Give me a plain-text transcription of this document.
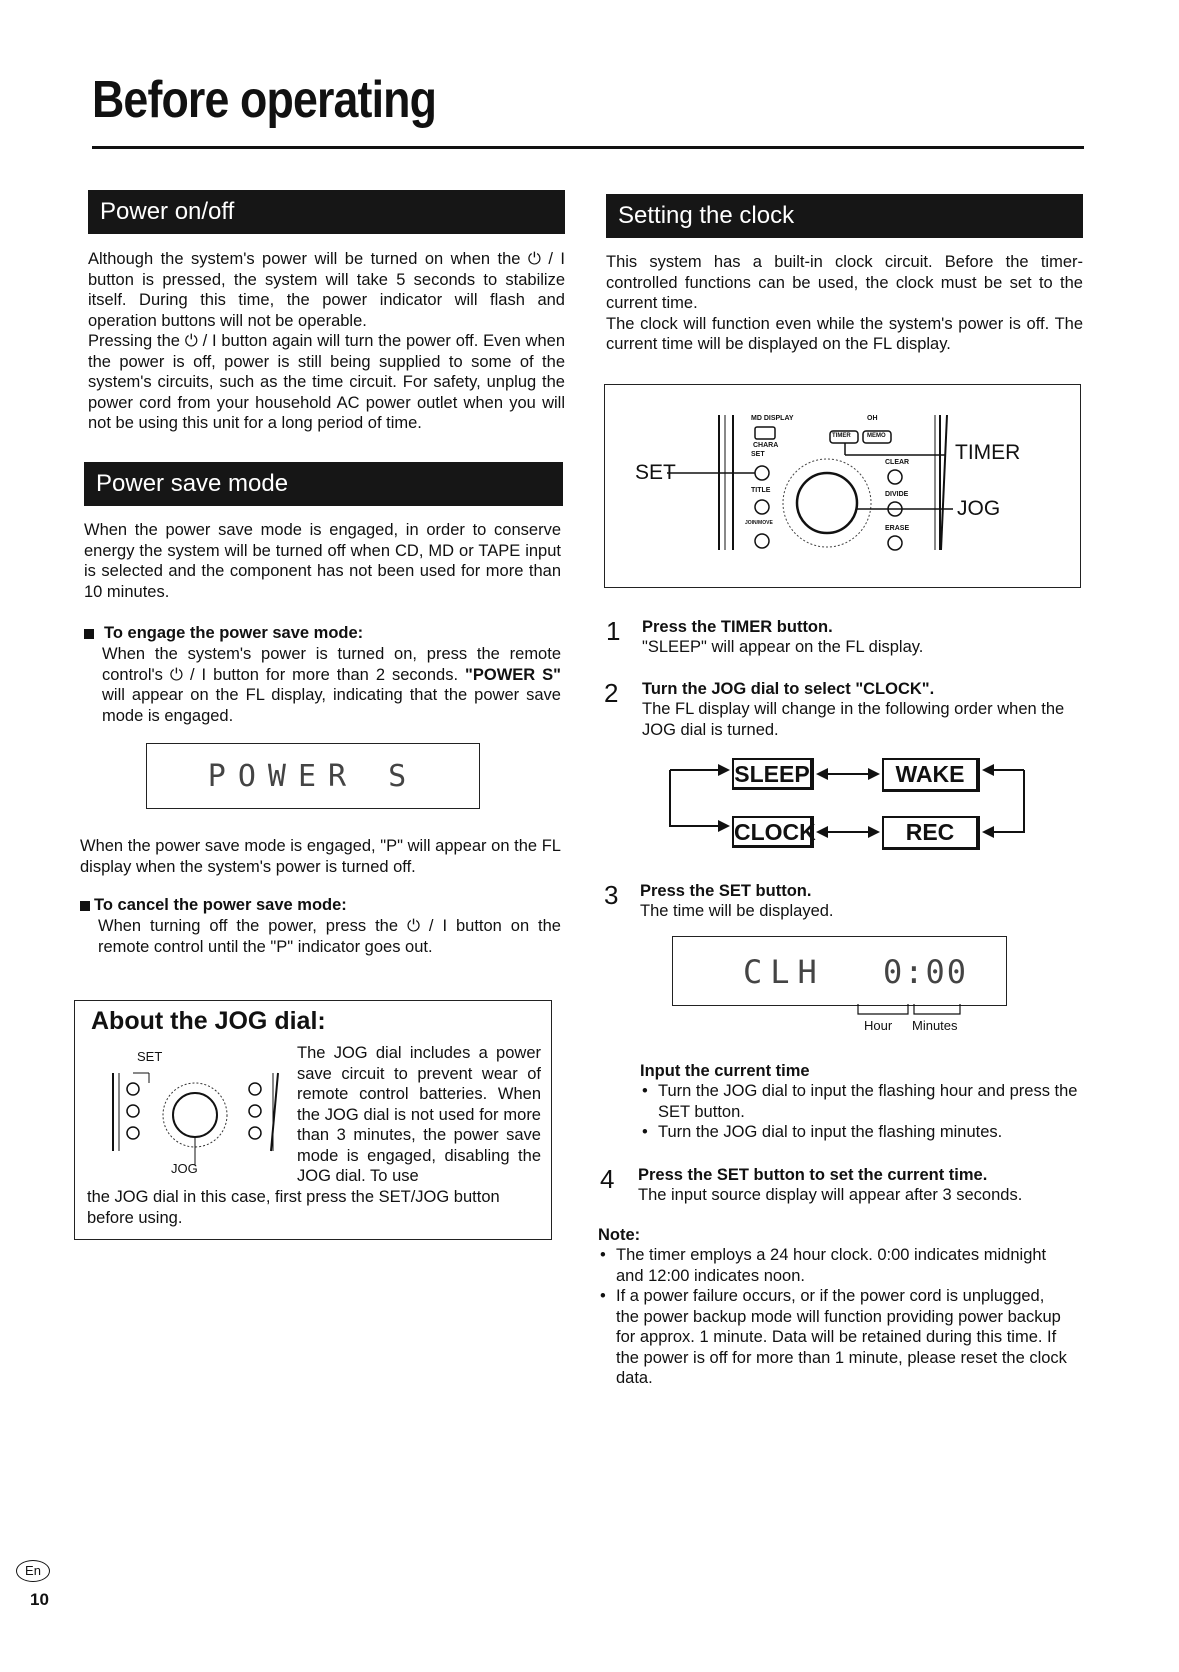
Before operating
Power on/off

Although the system's power will be turned on when the ⏻ / I button is pressed, the system will take 5 seconds to stabilize itself. During this time, the power indicator will flash and operation buttons will not be operable.

Pressing the ⏻ / I button again will turn the power off. Even when the power is off, power is still being supplied to some of the system's circuits, such as the time circuit. For safety, unplug the power cord from your household AC power outlet when you will not be using this unit for a long period of time.

Power save mode
When the power save mode is engaged, in order to conserve energy the system will be turned off when CD, MD or TAPE input is selected and the component has not been used for more than 10 minutes.
To engage the power save mode:
When the system's power is turned on, press the remote control's ⏻ / I button for more than 2 seconds. "POWER S" will appear on the FL display, indicating that the power save mode is engaged.
POWER S
When the power save mode is engaged, "P" will appear on the FL display when the system's power is turned off.
To cancel the power save mode:
When turning off the power, press the ⏻ / I button on the remote control until the "P" indicator goes out.
About the JOG dial:
SET
JOG
The JOG dial includes a power save circuit to prevent wear of remote control batteries. When the JOG dial is not used for more than 3 minutes, the power save mode is engaged, disabling the JOG dial. To use
the JOG dial in this case, first press the SET/JOG button before using.
Setting the clock

This system has a built-in clock circuit. Before the timer-controlled functions can be used, the clock must be set to the current time.

The clock will function even while the system's power is off. The current time will be displayed on the FL display.

SET
TIMER
JOG
MD DISPLAY
CHARA
SET
OH
TIMER	MEMO
CLEAR
TITLE
DIVIDE
JOIN/MOVE
ERASE
1 Press the TIMER button.
"SLEEP" will appear on the FL display.
2 Turn the JOG dial to select "CLOCK".
The FL display will change in the following order when the JOG dial is turned.
SLEEP	WAKE
CLOCK	REC
3 Press the SET button.
The time will be displayed.
CLH 0:00
Hour Minutes
Input the current time
• Turn the JOG dial to input the flashing hour and press the SET button.
• Turn the JOG dial to input the flashing minutes.
4 Press the SET button to set the current time.
The input source display will appear after 3 seconds.
Note:
• The timer employs a 24 hour clock. 0:00 indicates midnight and 12:00 indicates noon.
• If a power failure occurs, or if the power cord is unplugged, the power backup mode will function providing power backup for approx. 1 minute. Data will be retained during this time. If the power is off for more than 1 minute, please reset the clock data.
En
10
